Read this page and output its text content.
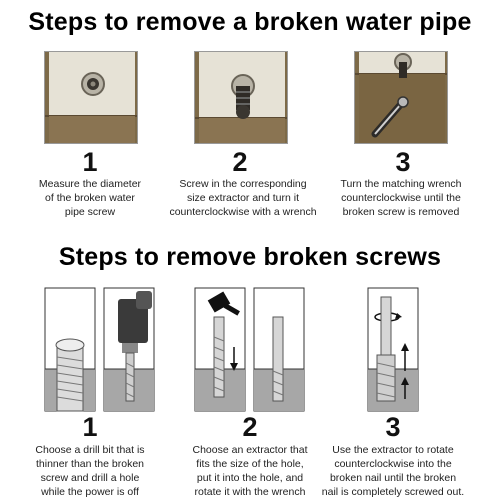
Steps to remove a broken water pipe
1	2	3
Measure the diameter
of the broken water
pipe screw
Screw in the corresponding
size extractor and turn it
counterclockwise with a wrench
Turn the matching wrench
counterclockwise until the
broken screw is removed
Steps to remove broken screws
1	2	3
Choose a drill bit that is
thinner than the broken
screw and drill a hole
while the power is off
Choose an extractor that
fits the size of the hole,
put it into the hole, and
rotate it with the wrench
Use the extractor to rotate
counterclockwise into the
broken nail until the broken
nail is completely screwed out.
